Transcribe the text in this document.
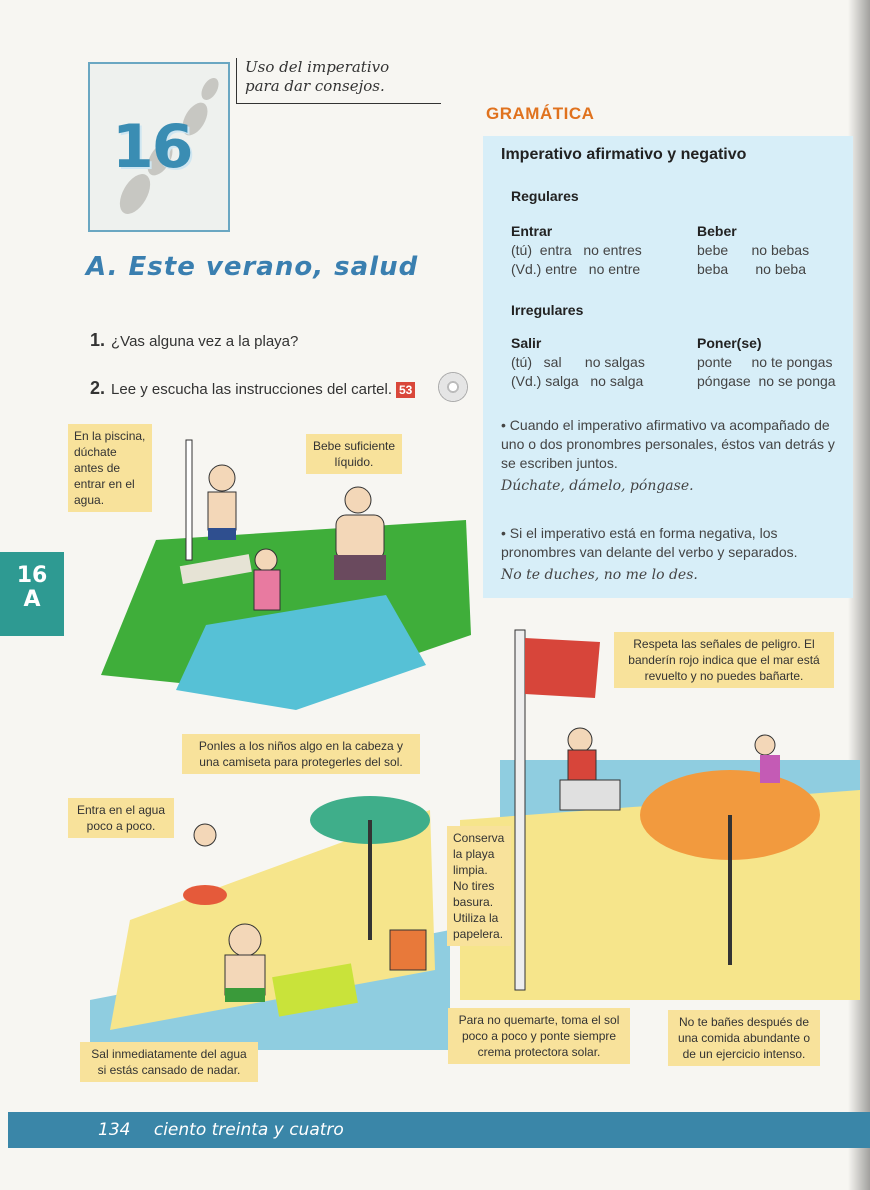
16
Uso del imperativo
para dar consejos.
A. Este verano, salud
1. ¿Vas alguna vez a la playa?
2. Lee y escucha las instrucciones del cartel. 53
GRAMÁTICA
Imperativo afirmativo y negativo
Regulares
Entrar
(tú)  entra   no entres
(Vd.) entre   no entre
Beber
bebe      no bebas
beba       no beba
Irregulares
Salir
(tú)   sal      no salgas
(Vd.) salga   no salga
Poner(se)
ponte     no te pongas
póngase  no se ponga
• Cuando el imperativo afirmativo va acompañado de uno o dos pronombres personales, éstos van detrás y se escriben juntos.
Dúchate, dámelo, póngase.
• Si el imperativo está en forma negativa, los pronombres van delante del verbo y separados.
No te duches, no me lo des.
En la piscina, dúchate antes de entrar en el agua.
Bebe suficiente líquido.
Respeta las señales de peligro. El banderín rojo indica que el mar está revuelto y no puedes bañarte.
Ponles a los niños algo en la cabeza y una camiseta para protegerles del sol.
Entra en el agua poco a poco.
Conserva la playa limpia. No tires basura. Utiliza la papelera.
Sal inmediatamente del agua si estás cansado de nadar.
Para no quemarte, toma el sol poco a poco y ponte siempre crema protectora solar.
No te bañes después de una comida abundante o de un ejercicio intenso.
16
A
134 ciento treinta y cuatro
